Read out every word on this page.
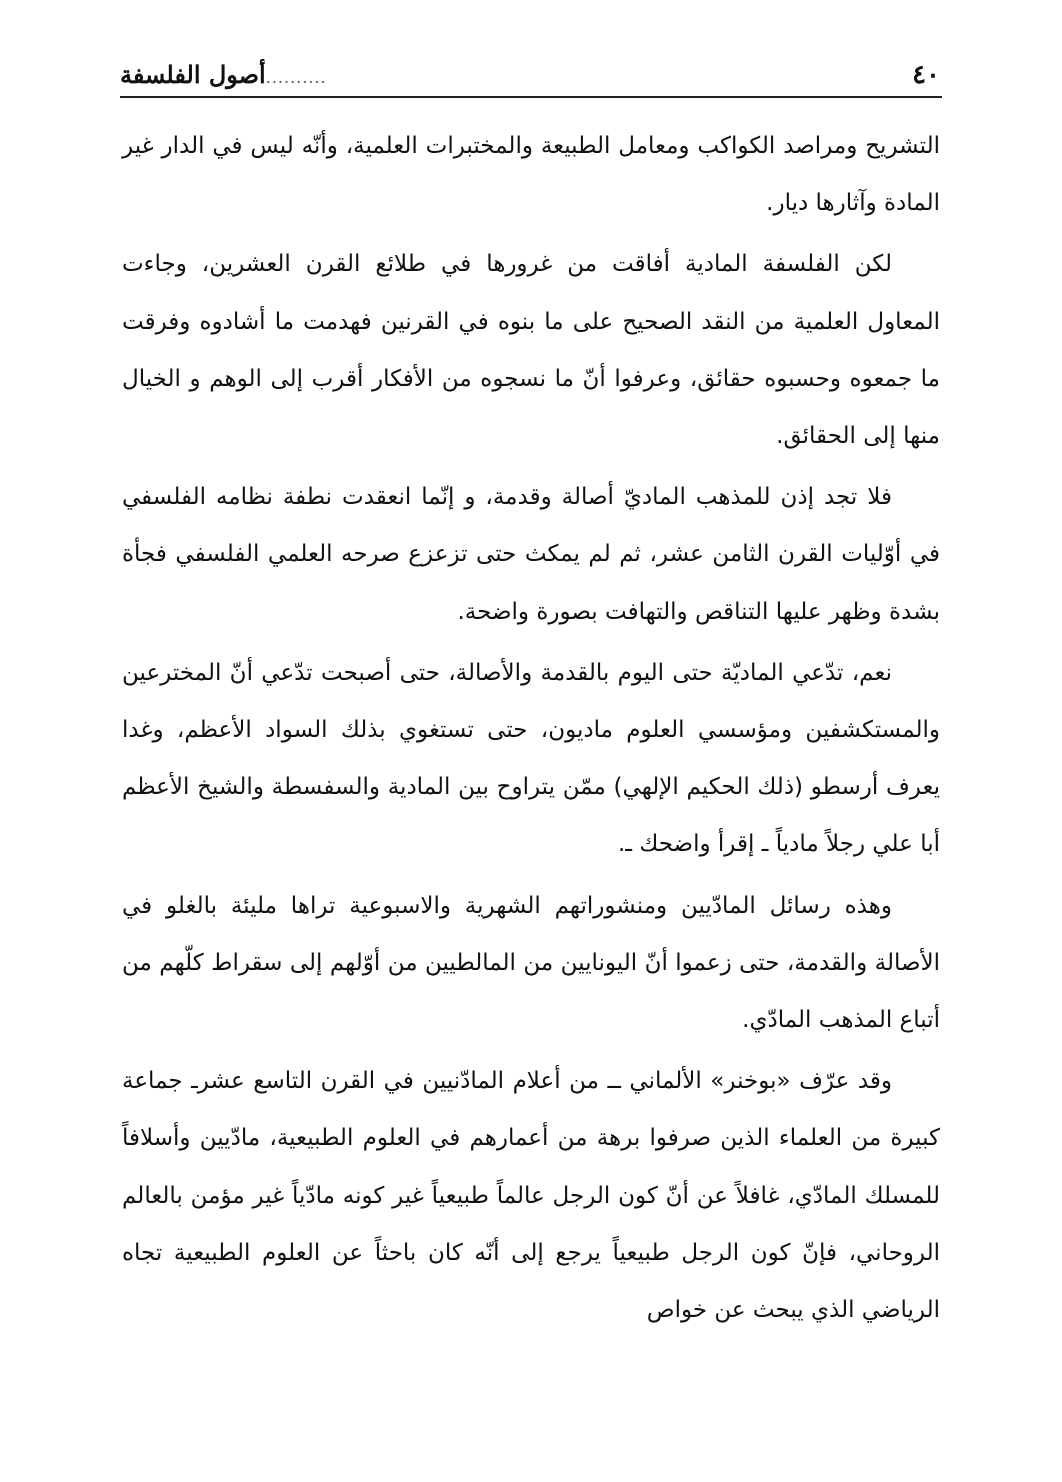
٤٠
..........أصول الفلسفة

التشريح ومراصد الكواكب ومعامل الطبيعة والمختبرات العلمية، وأنّه ليس في الدار غير المادة وآثارها ديار.

لكن الفلسفة المادية أفاقت من غرورها في طلائع القرن العشرين، وجاءت المعاول العلمية من النقد الصحيح على ما بنوه في القرنين فهدمت ما أشادوه وفرقت ما جمعوه وحسبوه حقائق، وعرفوا أنّ ما نسجوه من الأفكار أقرب إلى الوهم و الخيال منها إلى الحقائق.

فلا تجد إذن للمذهب الماديّ أصالة وقدمة، و إنّما انعقدت نطفة نظامه الفلسفي في أوّليات القرن الثامن عشر، ثم لم يمكث حتى تزعزع صرحه العلمي الفلسفي فجأة بشدة وظهر عليها التناقص والتهافت بصورة واضحة.

نعم، تدّعي الماديّة حتى اليوم بالقدمة والأصالة، حتى أصبحت تدّعي أنّ المخترعين والمستكشفين ومؤسسي العلوم ماديون، حتى تستغوي بذلك السواد الأعظم، وغدا يعرف أرسطو (ذلك الحكيم الإلهي) ممّن يتراوح بين المادية والسفسطة والشيخ الأعظم أبا علي رجلاً مادياً ـ إقرأ واضحك ـ.

وهذه رسائل المادّيين ومنشوراتهم الشهرية والاسبوعية تراها مليئة بالغلو في الأصالة والقدمة، حتى زعموا أنّ اليونايين من المالطيين من أوّلهم إلى سقراط كلّهم من أتباع المذهب المادّي.

وقد عرّف «بوخنر» الألماني ــ من أعلام المادّنيين في القرن التاسع عشرـ جماعة كبيرة من العلماء الذين صرفوا برهة من أعمارهم في العلوم الطبيعية، مادّيين وأسلافاً للمسلك المادّي، غافلاً عن أنّ كون الرجل عالماً طبيعياً غير كونه مادّياً غير مؤمن بالعالم الروحاني، فإنّ كون الرجل طبيعياً يرجع إلى أنّه كان باحثاً عن العلوم الطبيعية تجاه الرياضي الذي يبحث عن خواص
